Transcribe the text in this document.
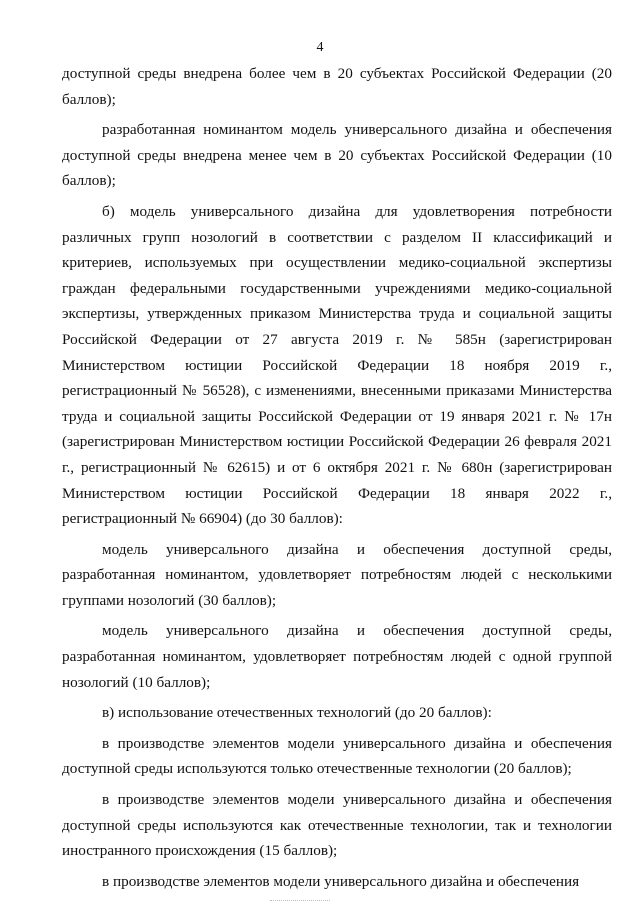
4

доступной среды внедрена более чем в 20 субъектах Российской Федерации (20 баллов);

разработанная номинантом модель универсального дизайна и обеспечения доступной среды внедрена менее чем в 20 субъектах Российской Федерации (10 баллов);

б) модель универсального дизайна для удовлетворения потребности различных групп нозологий в соответствии с разделом II классификаций и критериев, используемых при осуществлении медико-социальной экспертизы граждан федеральными государственными учреждениями медико-социальной экспертизы, утвержденных приказом Министерства труда и социальной защиты Российской Федерации от 27 августа 2019 г. № 585н (зарегистрирован Министерством юстиции Российской Федерации 18 ноября 2019 г., регистрационный № 56528), с изменениями, внесенными приказами Министерства труда и социальной защиты Российской Федерации от 19 января 2021 г. № 17н (зарегистрирован Министерством юстиции Российской Федерации 26 февраля 2021 г., регистрационный № 62615) и от 6 октября 2021 г. № 680н (зарегистрирован Министерством юстиции Российской Федерации 18 января 2022 г., регистрационный № 66904) (до 30 баллов):

модель универсального дизайна и обеспечения доступной среды, разработанная номинантом, удовлетворяет потребностям людей с несколькими группами нозологий (30 баллов);

модель универсального дизайна и обеспечения доступной среды, разработанная номинантом, удовлетворяет потребностям людей с одной группой нозологий (10 баллов);

в) использование отечественных технологий (до 20 баллов):

в производстве элементов модели универсального дизайна и обеспечения доступной среды используются только отечественные технологии (20 баллов);

в производстве элементов модели универсального дизайна и обеспечения доступной среды используются как отечественные технологии, так и технологии иностранного происхождения (15 баллов);

в производстве элементов модели универсального дизайна и обеспечения
